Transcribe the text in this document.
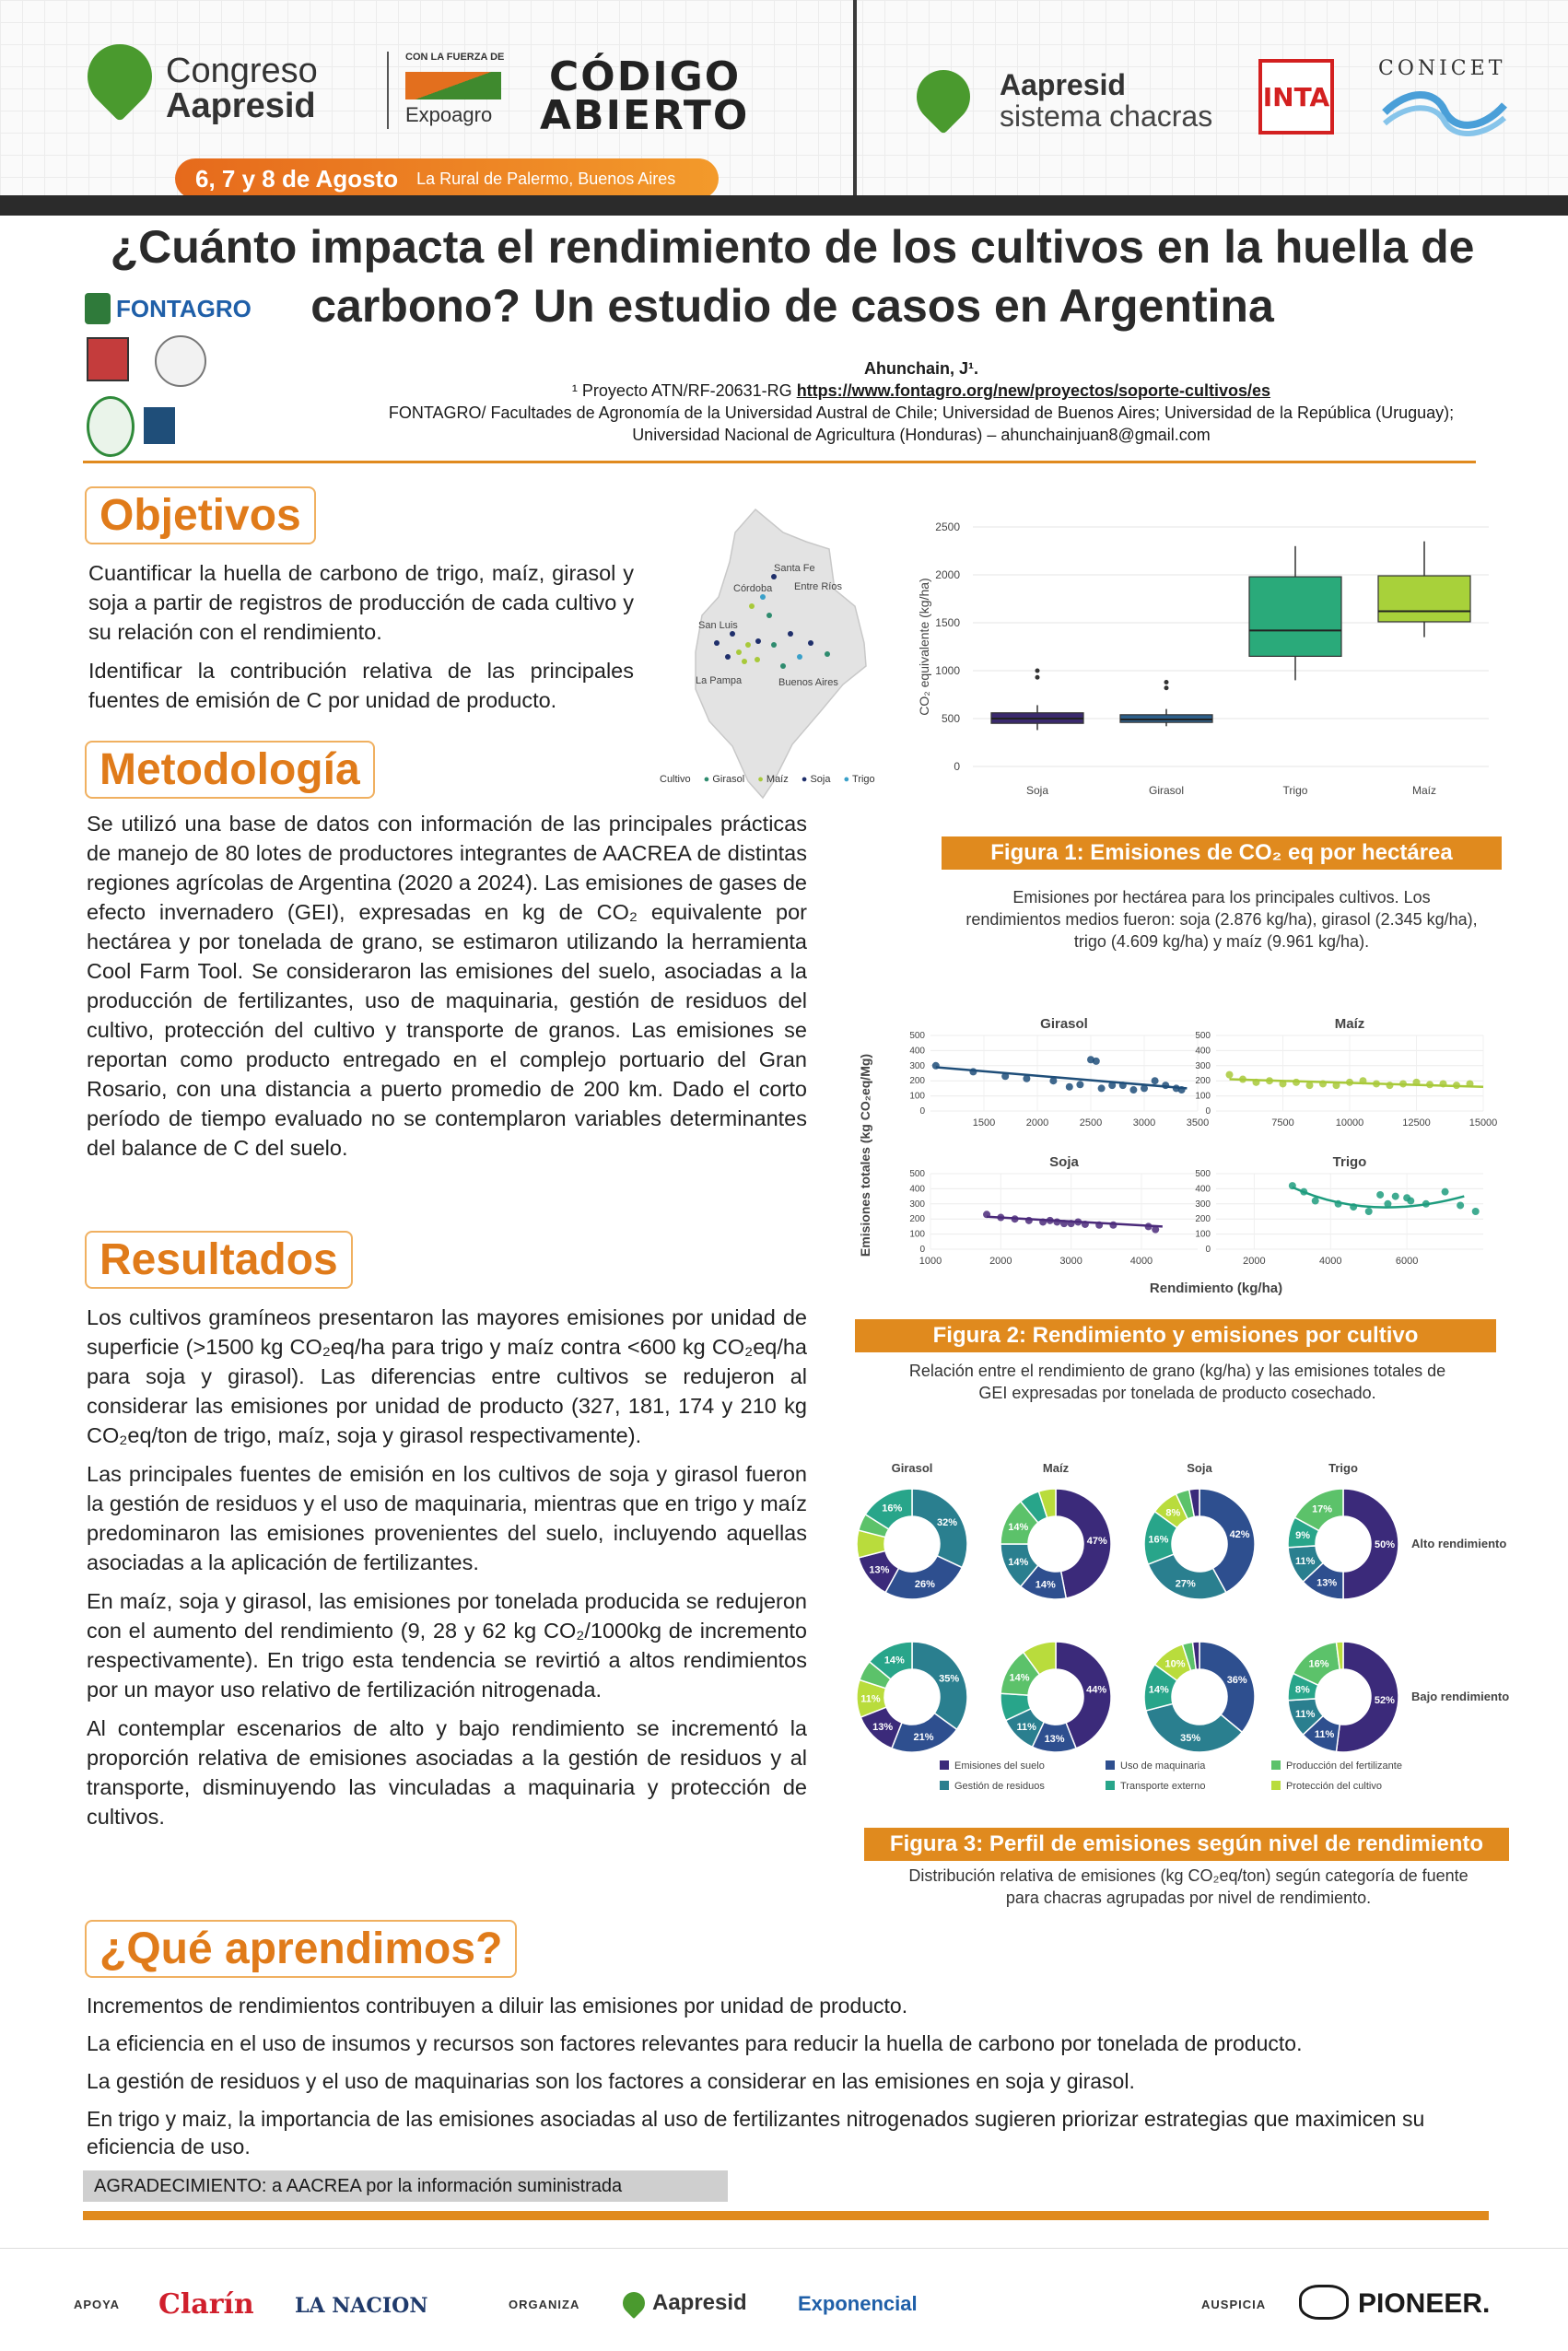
Congreso
Aapresid
CON LA FUERZA DE
Expoagro
CÓDIGO
ABIERTO
6, 7 y 8 de Agosto La Rural de Palermo, Buenos Aires
Aapresid
sistema chacras
INTA
CONICET
¿Cuánto impacta el rendimiento de los cultivos en la huella de carbono? Un estudio de casos en Argentina
FONTAGRO
Ahunchain, J¹.
¹ Proyecto ATN/RF-20631-RG https://www.fontagro.org/new/proyectos/soporte-cultivos/es
FONTAGRO/ Facultades de Agronomía de la Universidad Austral de Chile; Universidad de Buenos Aires; Universidad de la República (Uruguay);
Universidad Nacional de Agricultura (Honduras) – ahunchainjuan8@gmail.com
Objetivos

Cuantificar la huella de carbono de trigo, maíz, girasol y soja a partir de registros de producción de cada cultivo y su relación con el rendimiento.

Identificar la contribución relativa de las principales fuentes de emisión de C por unidad de producto.

Santa Fe
Córdoba Entre Ríos
San Luis
La Pampa	Buenos Aires
Cultivo ● Girasol ● Maíz ● Soja ● Trigo
0
500
1000
1500
2000
2500
CO₂ equivalente (kg/ha)
Soja	Girasol	Trigo	Maíz
Figura 1: Emisiones de CO₂ eq por hectárea
Emisiones por hectárea para los principales cultivos. Los
rendimientos medios fueron: soja (2.876 kg/ha), girasol (2.345 kg/ha),
trigo (4.609 kg/ha) y maíz (9.961 kg/ha).
Metodología
Se utilizó una base de datos con información de las principales prácticas de manejo de 80 lotes de productores integrantes de AACREA de distintas regiones agrícolas de Argentina (2020 a 2024). Las emisiones de gases de efecto invernadero (GEI), expresadas en kg de CO₂ equivalente por hectárea y por tonelada de grano, se estimaron utilizando la herramienta Cool Farm Tool. Se consideraron las emisiones del suelo, asociadas a la producción de fertilizantes, uso de maquinaria, gestión de residuos del cultivo, protección del cultivo y transporte de granos. Las emisiones se reportan como producto entregado en el complejo portuario del Gran Rosario, con una distancia a puerto promedio de 200 km. Dado el corto período de tiempo evaluado no se contemplaron variables determinantes del balance de C del suelo.
Girasol
0
100
200
300
400
500
1500	2000	2500	3000	3500
Maíz
0
100
200
300
400
500
7500	10000	12500	15000
Soja
0
100
200
300
400
500
1000	2000	3000	4000
Trigo
0
100
200
300
400
500
2000	4000	6000
Emisiones totales (kg CO₂eq/Mg)
Rendimiento (kg/ha)
Figura 2: Rendimiento y emisiones por cultivo
Relación entre el rendimiento de grano (kg/ha) y las emisiones totales de
GEI expresadas por tonelada de producto cosechado.
Resultados

Los cultivos gramíneos presentaron las mayores emisiones por unidad de superficie (>1500 kg CO₂eq/ha para trigo y maíz contra <600 kg CO₂eq/ha para soja y girasol). Las diferencias entre cultivos se redujeron al considerar las emisiones por unidad de producto (327, 181, 174 y 210 kg CO₂eq/ton de trigo, maíz, soja y girasol respectivamente).

Las principales fuentes de emisión en los cultivos de soja y girasol fueron la gestión de residuos y el uso de maquinaria, mientras que en trigo y maíz predominaron las emisiones provenientes del suelo, incluyendo aquellas asociadas a la aplicación de fertilizantes.

En maíz, soja y girasol, las emisiones por tonelada producida se redujeron con el aumento del rendimiento (9, 28 y 62 kg CO₂/1000kg de incremento respectivamente). En trigo esta tendencia se revirtió a altos rendimientos por un mayor uso relativo de fertilización nitrogenada.

Al contemplar escenarios de alto y bajo rendimiento se incrementó la proporción relativa de emisiones asociadas a la gestión de residuos y al transporte, disminuyendo las vinculadas a maquinaria y protección de cultivos.

Girasol	Maíz	Soja	Trigo
Alto rendimiento
Bajo rendimiento
32%
26%
13%
16%
47%
14%
14%
14%
42%
27%
16%
8%
50%
13%
11%
9%
17%
35%
21%
13%
11%
14%
44%
13%
11%
14%	36%
35%
14%
10%
52%
11%
11%
8%
16%
Emisiones del suelo	Uso de maquinaria	Producción del fertilizante
Gestión de residuos	Transporte externo	Protección del cultivo
Figura 3: Perfil de emisiones según nivel de rendimiento
Distribución relativa de emisiones (kg CO₂eq/ton) según categoría de fuente
para chacras agrupadas por nivel de rendimiento.
¿Qué aprendimos?

Incrementos de rendimientos contribuyen a diluir las emisiones por unidad de producto.

La eficiencia en el uso de insumos y recursos son factores relevantes para reducir la huella de carbono por tonelada de producto.

La gestión de residuos y el uso de maquinarias son los factores a considerar en las emisiones en soja y girasol.

En trigo y maiz, la importancia de las emisiones asociadas al uso de fertilizantes nitrogenados sugieren priorizar estrategias que maximicen su eficiencia de uso.

AGRADECIMIENTO: a AACREA por la información suministrada
APOYA Clarín LA NACION	ORGANIZA	Aapresid	Exponencial	AUSPICIA	PIONEER.
